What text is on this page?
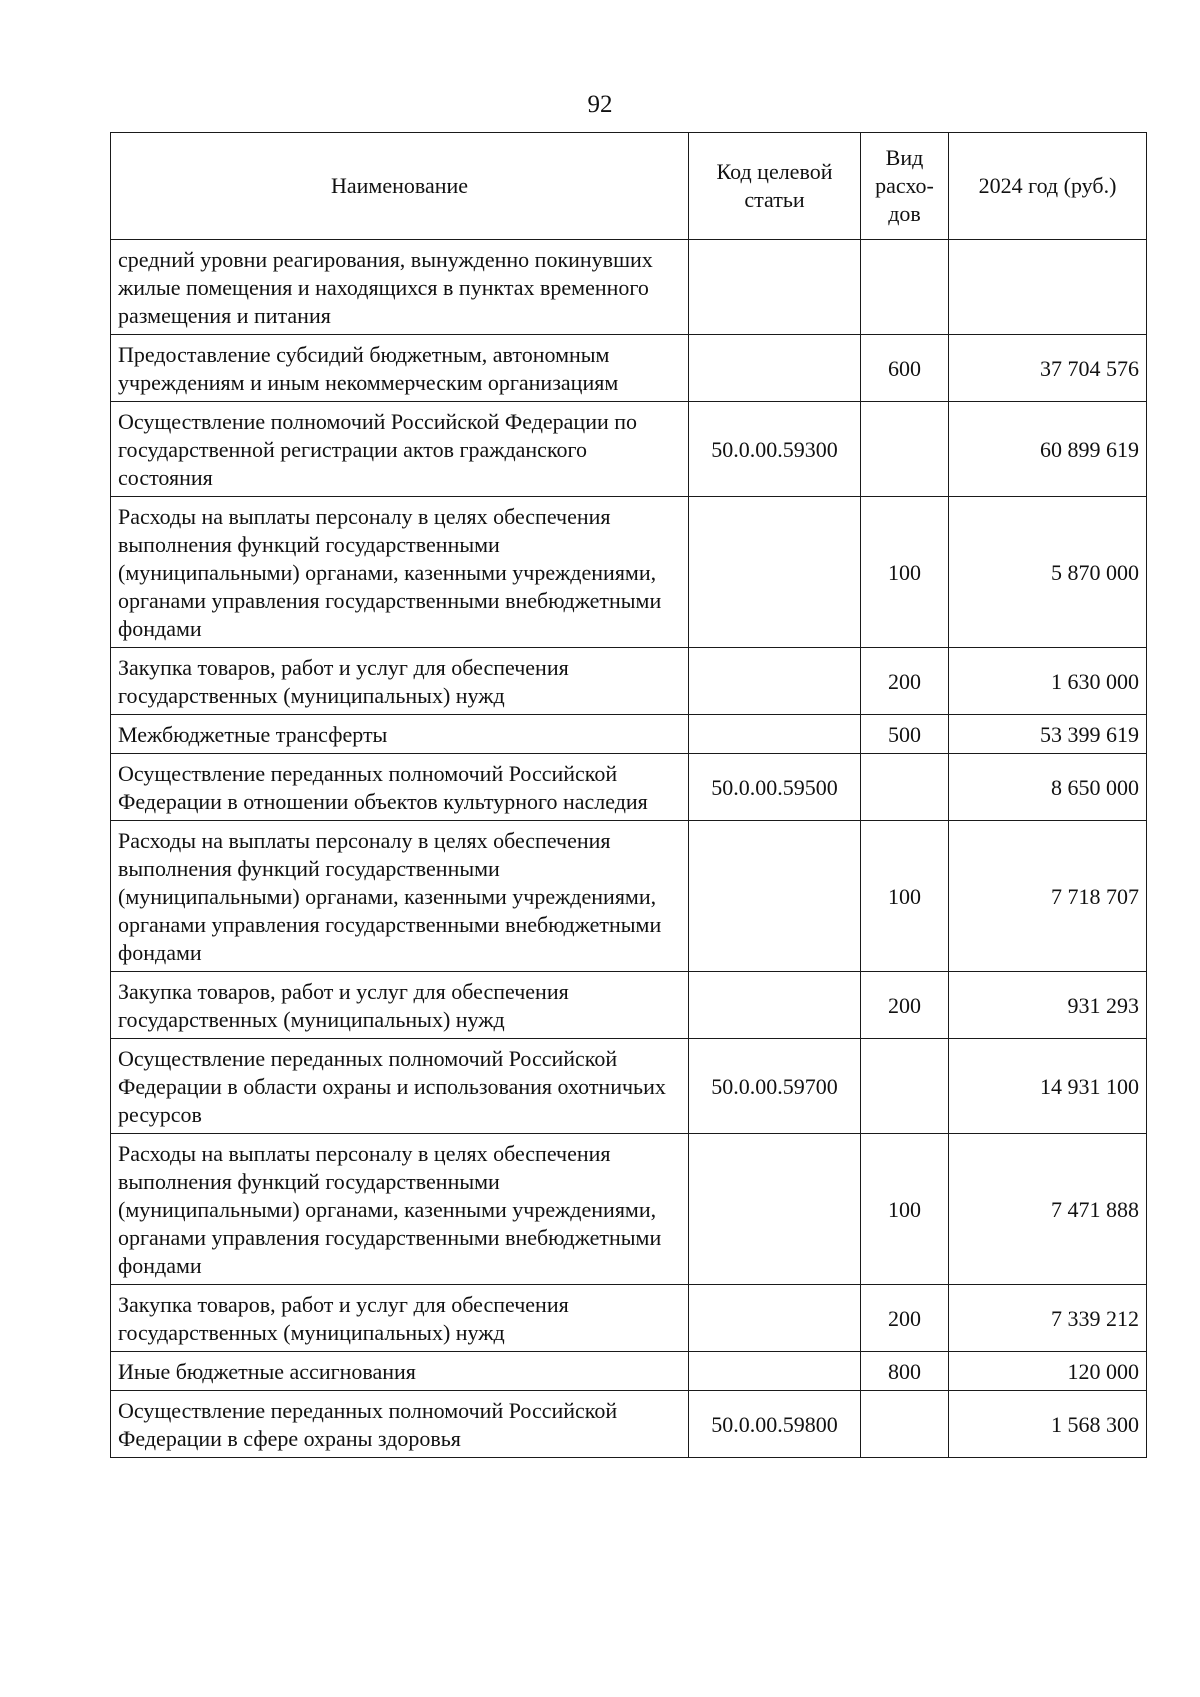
92
Наименование	Код целевой статьи	Вид расхо-дов	2024 год (руб.)
средний уровни реагирования, вынужденно покинувших жилые помещения и находящихся в пунктах временного размещения и питания			
Предоставление субсидий бюджетным, автономным учреждениям и иным некоммерческим организациям		600	37 704 576
Осуществление полномочий Российской Федерации по государственной регистрации актов гражданского состояния	50.0.00.59300		60 899 619
Расходы на выплаты персоналу в целях обеспечения выполнения функций государственными (муниципальными) органами, казенными учреждениями, органами управления государственными внебюджетными фондами		100	5 870 000
Закупка товаров, работ и услуг для обеспечения государственных (муниципальных) нужд		200	1 630 000
Межбюджетные трансферты		500	53 399 619
Осуществление переданных полномочий Российской Федерации в отношении объектов культурного наследия	50.0.00.59500		8 650 000
Расходы на выплаты персоналу в целях обеспечения выполнения функций государственными (муниципальными) органами, казенными учреждениями, органами управления государственными внебюджетными фондами		100	7 718 707
Закупка товаров, работ и услуг для обеспечения государственных (муниципальных) нужд		200	931 293
Осуществление переданных полномочий Российской Федерации в области охраны и использования охотничьих ресурсов	50.0.00.59700		14 931 100
Расходы на выплаты персоналу в целях обеспечения выполнения функций государственными (муниципальными) органами, казенными учреждениями, органами управления государственными внебюджетными фондами		100	7 471 888
Закупка товаров, работ и услуг для обеспечения государственных (муниципальных) нужд		200	7 339 212
Иные бюджетные ассигнования		800	120 000
Осуществление переданных полномочий Российской Федерации в сфере охраны здоровья	50.0.00.59800		1 568 300
